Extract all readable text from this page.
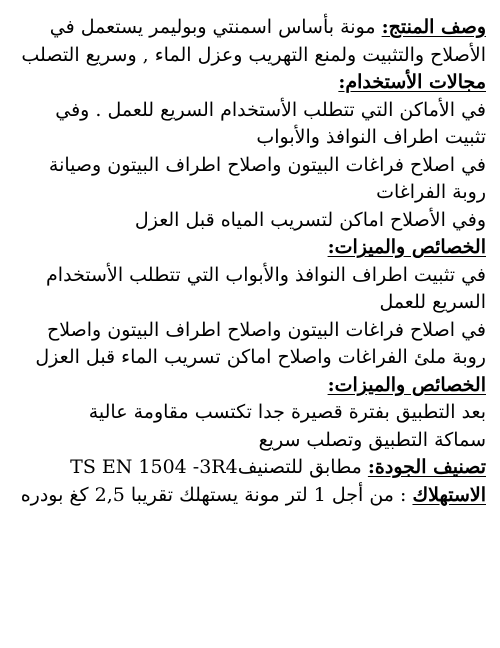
وصف المنتج: مونة بأساس اسمنتي وبوليمر يستعمل في الأصلاح والتثبيت ولمنع التهريب وعزل الماء , وسريع التصلب

مجالات الأستخدام:
في الأماكن التي تتطلب الأستخدام السريع للعمل . وفي تثبيت اطراف النوافذ والأبواب
في اصلاح فراغات البيتون واصلاح اطراف البيتون وصيانة روبة الفراغات
وفي الأصلاح اماكن لتسريب المياه قبل العزل
الخصائص والميزات:
في تثبيت اطراف النوافذ والأبواب التي تتطلب الأستخدام السريع للعمل
في اصلاح فراغات البيتون واصلاح اطراف البيتون واصلاح روبة ملئ الفراغات واصلاح اماكن تسريب الماء قبل العزل
الخصائص والميزات:
بعد التطبيق بفترة قصيرة جدا تكتسب مقاومة عالية
سماكة التطبيق وتصلب سريع

تصنيف الجودة: مطابق للتصنيفTS EN 1504 -3R4

الاستهلاك : من أجل 1 لتر مونة يستهلك تقريبا 2,5 كغ بودره
